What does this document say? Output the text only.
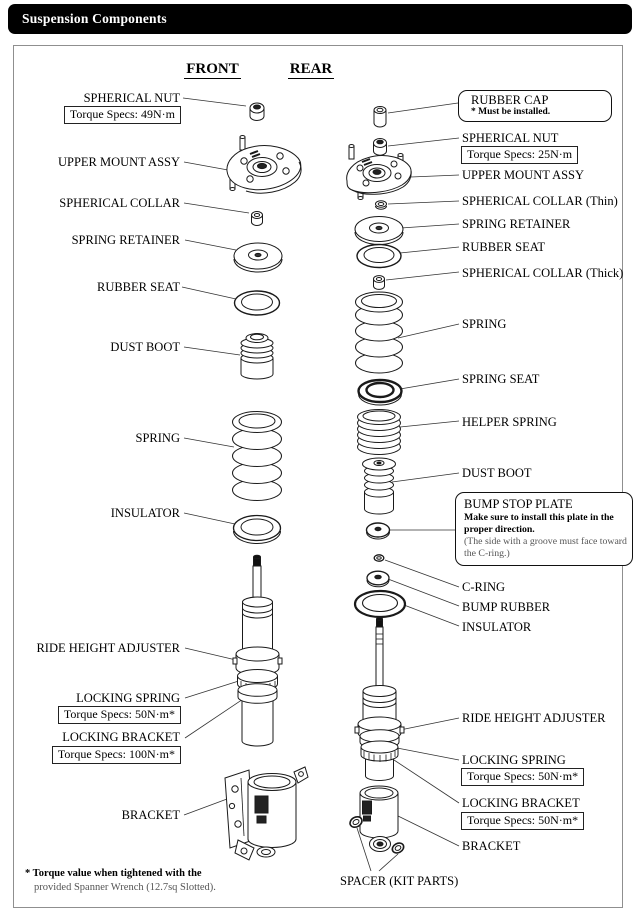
Suspension Components
FRONT	REAR
SPHERICAL NUT
Torque Specs: 49N·m
UPPER MOUNT ASSY
SPHERICAL COLLAR
SPRING RETAINER
RUBBER SEAT
DUST BOOT
SPRING
INSULATOR
RIDE HEIGHT ADJUSTER
LOCKING SPRING
Torque Specs: 50N·m*
LOCKING BRACKET
Torque Specs: 100N·m*
BRACKET
RUBBER CAP
* Must be installed.
SPHERICAL NUT
Torque Specs: 25N·m
UPPER MOUNT ASSY
SPHERICAL COLLAR (Thin)
SPRING RETAINER
RUBBER SEAT
SPHERICAL COLLAR (Thick)
SPRING
SPRING SEAT
HELPER SPRING
DUST BOOT
BUMP STOP PLATE
Make sure to install this plate in the proper direction.
(The side with a groove must face toward the C-ring.)
C-RING
BUMP RUBBER
INSULATOR
RIDE HEIGHT ADJUSTER
LOCKING SPRING
Torque Specs: 50N·m*
LOCKING BRACKET
Torque Specs: 50N·m*
BRACKET
SPACER (KIT PARTS)
* Torque value when tightened with the
provided Spanner Wrench (12.7sq Slotted).
